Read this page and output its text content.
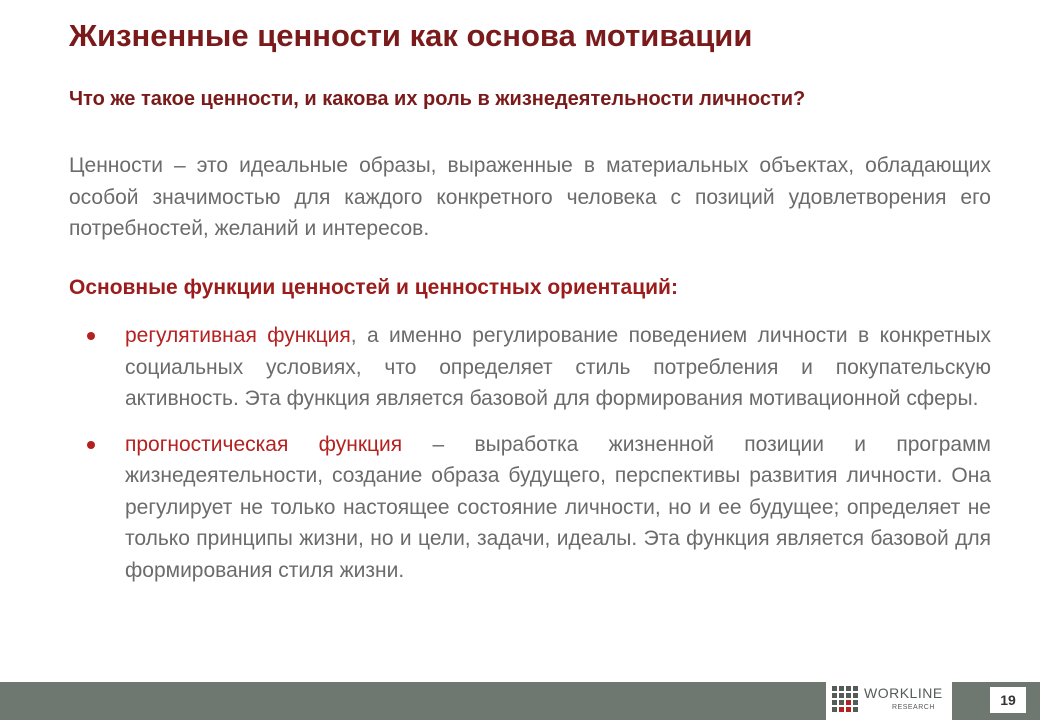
Жизненные ценности как основа мотивации
Что же такое ценности, и какова их роль в жизнедеятельности личности?
Ценности – это идеальные образы, выраженные в материальных объектах, обладающих особой значимостью для каждого конкретного человека с позиций удовлетворения его потребностей, желаний и интересов.
Основные функции ценностей и ценностных ориентаций:
регулятивная функция, а именно регулирование поведением личности в конкретных социальных условиях, что определяет стиль потребления и покупательскую активность. Эта функция является базовой для формирования мотивационной сферы.
прогностическая функция – выработка жизненной позиции и программ жизнедеятельности, создание образа будущего, перспективы развития личности. Она регулирует не только настоящее состояние личности, но и ее будущее; определяет не только принципы жизни, но и цели, задачи, идеалы. Эта функция является базовой для формирования стиля жизни.
WORKLINE
RESEARCH	19
